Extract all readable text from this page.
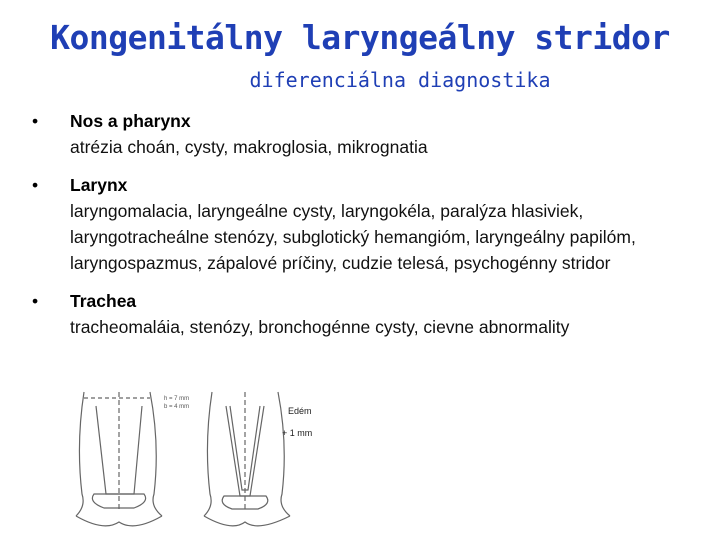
Kongenitálny laryngeálny stridor
diferenciálna diagnostika
•	Nos a pharynx
atrézia choán, cysty, makroglosia, mikrognatia
•	Larynx
laryngomalacia, laryngeálne cysty, laryngokéla, paralýza hlasiviek, laryngotracheálne stenózy, subglotický hemangióm, laryngeálny papilóm, laryngospazmus, zápalové príčiny, cudzie telesá, psychogénny stridor
•	Trachea
tracheomaláia, stenózy, bronchogénne cysty, cievne abnormality
h = 7 mm
b = 4 mm	Edém
+ 1 mm
